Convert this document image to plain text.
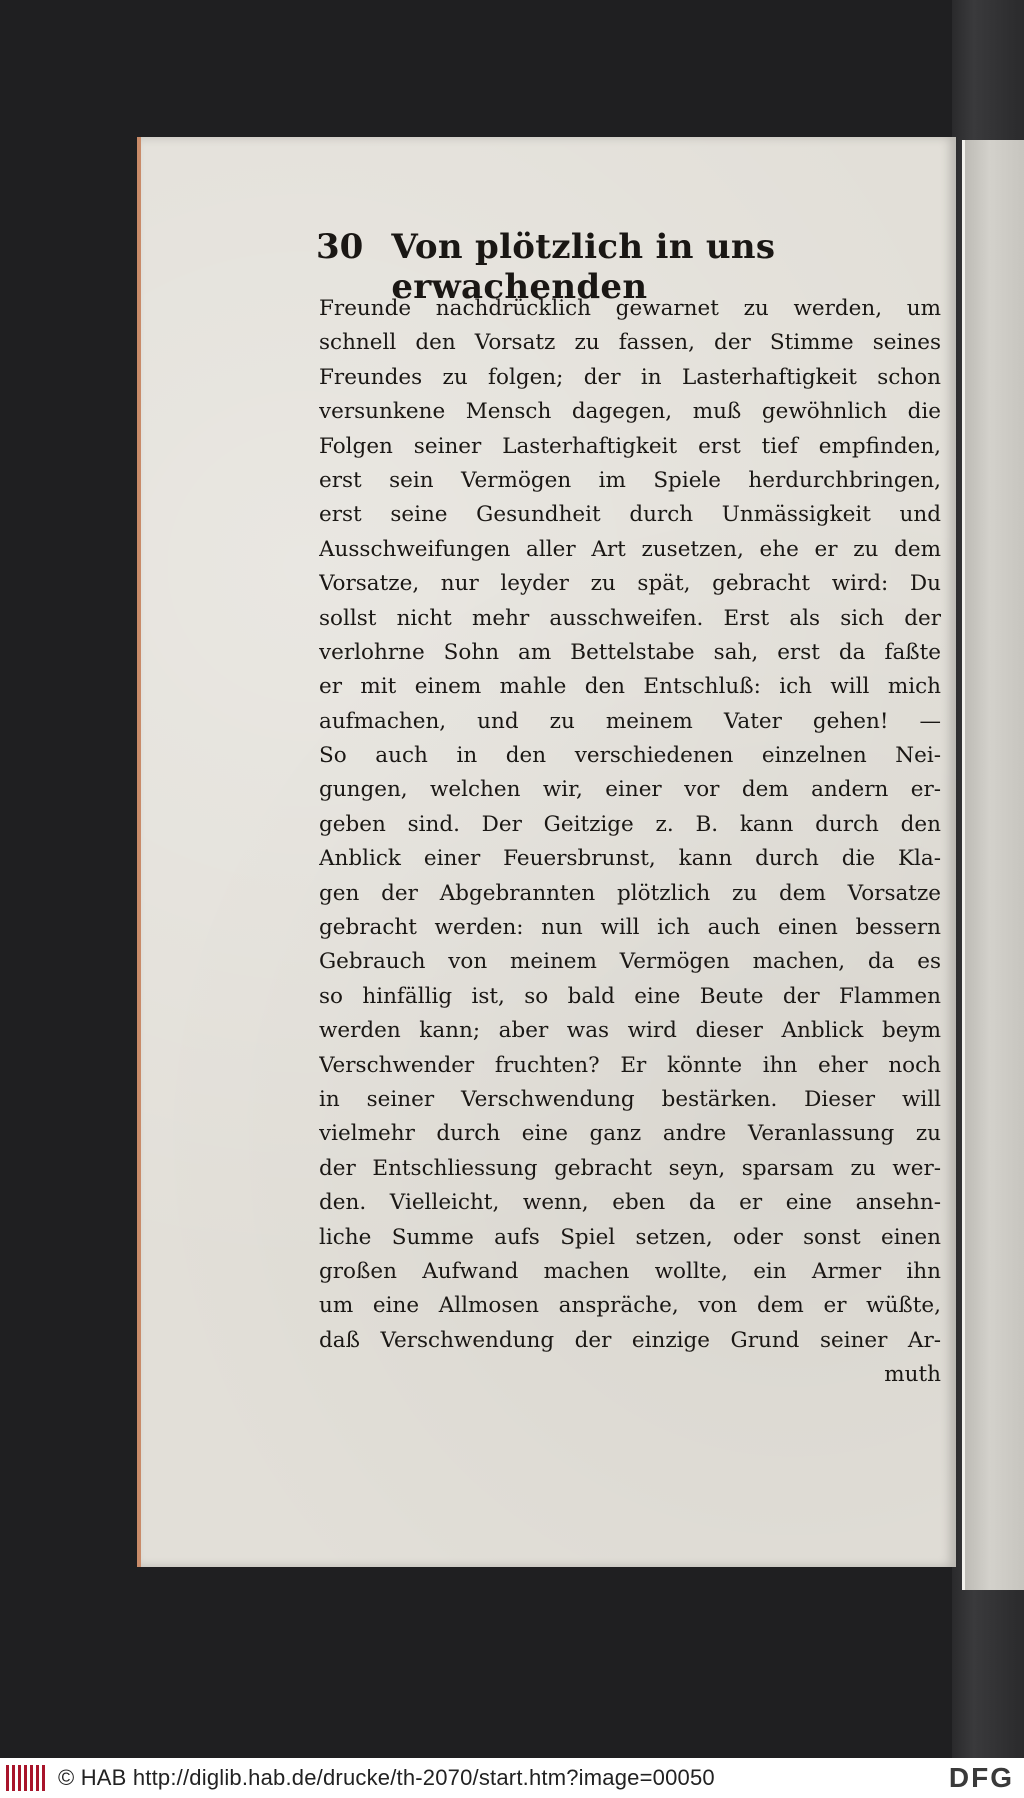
30 Von plötzlich in uns erwachenden
Freunde nachdrücklich gewarnet zu werden, um
schnell den Vorsatz zu fassen, der Stimme seines
Freundes zu folgen; der in Lasterhaftigkeit schon
versunkene Mensch dagegen, muß gewöhnlich die
Folgen seiner Lasterhaftigkeit erst tief empfinden,
erst sein Vermögen im Spiele herdurchbringen,
erst seine Gesundheit durch Unmässigkeit und
Ausschweifungen aller Art zusetzen, ehe er zu dem
Vorsatze, nur leyder zu spät, gebracht wird: Du
sollst nicht mehr ausschweifen. Erst als sich der
verlohrne Sohn am Bettelstabe sah, erst da faßte
er mit einem mahle den Entschluß: ich will mich
aufmachen, und zu meinem Vater gehen! —
So auch in den verschiedenen einzelnen Nei-
gungen, welchen wir, einer vor dem andern er-
geben sind. Der Geitzige z. B. kann durch den
Anblick einer Feuersbrunst, kann durch die Kla-
gen der Abgebrannten plötzlich zu dem Vorsatze
gebracht werden: nun will ich auch einen bessern
Gebrauch von meinem Vermögen machen, da es
so hinfällig ist, so bald eine Beute der Flammen
werden kann; aber was wird dieser Anblick beym
Verschwender fruchten? Er könnte ihn eher noch
in seiner Verschwendung bestärken. Dieser will
vielmehr durch eine ganz andre Veranlassung zu
der Entschliessung gebracht seyn, sparsam zu wer-
den. Vielleicht, wenn, eben da er eine ansehn-
liche Summe aufs Spiel setzen, oder sonst einen
großen Aufwand machen wollte, ein Armer ihn
um eine Allmosen anspräche, von dem er wüßte,
daß Verschwendung der einzige Grund seiner Ar-
muth
© HAB http://diglib.hab.de/drucke/th-2070/start.htm?image=00050	DFG
